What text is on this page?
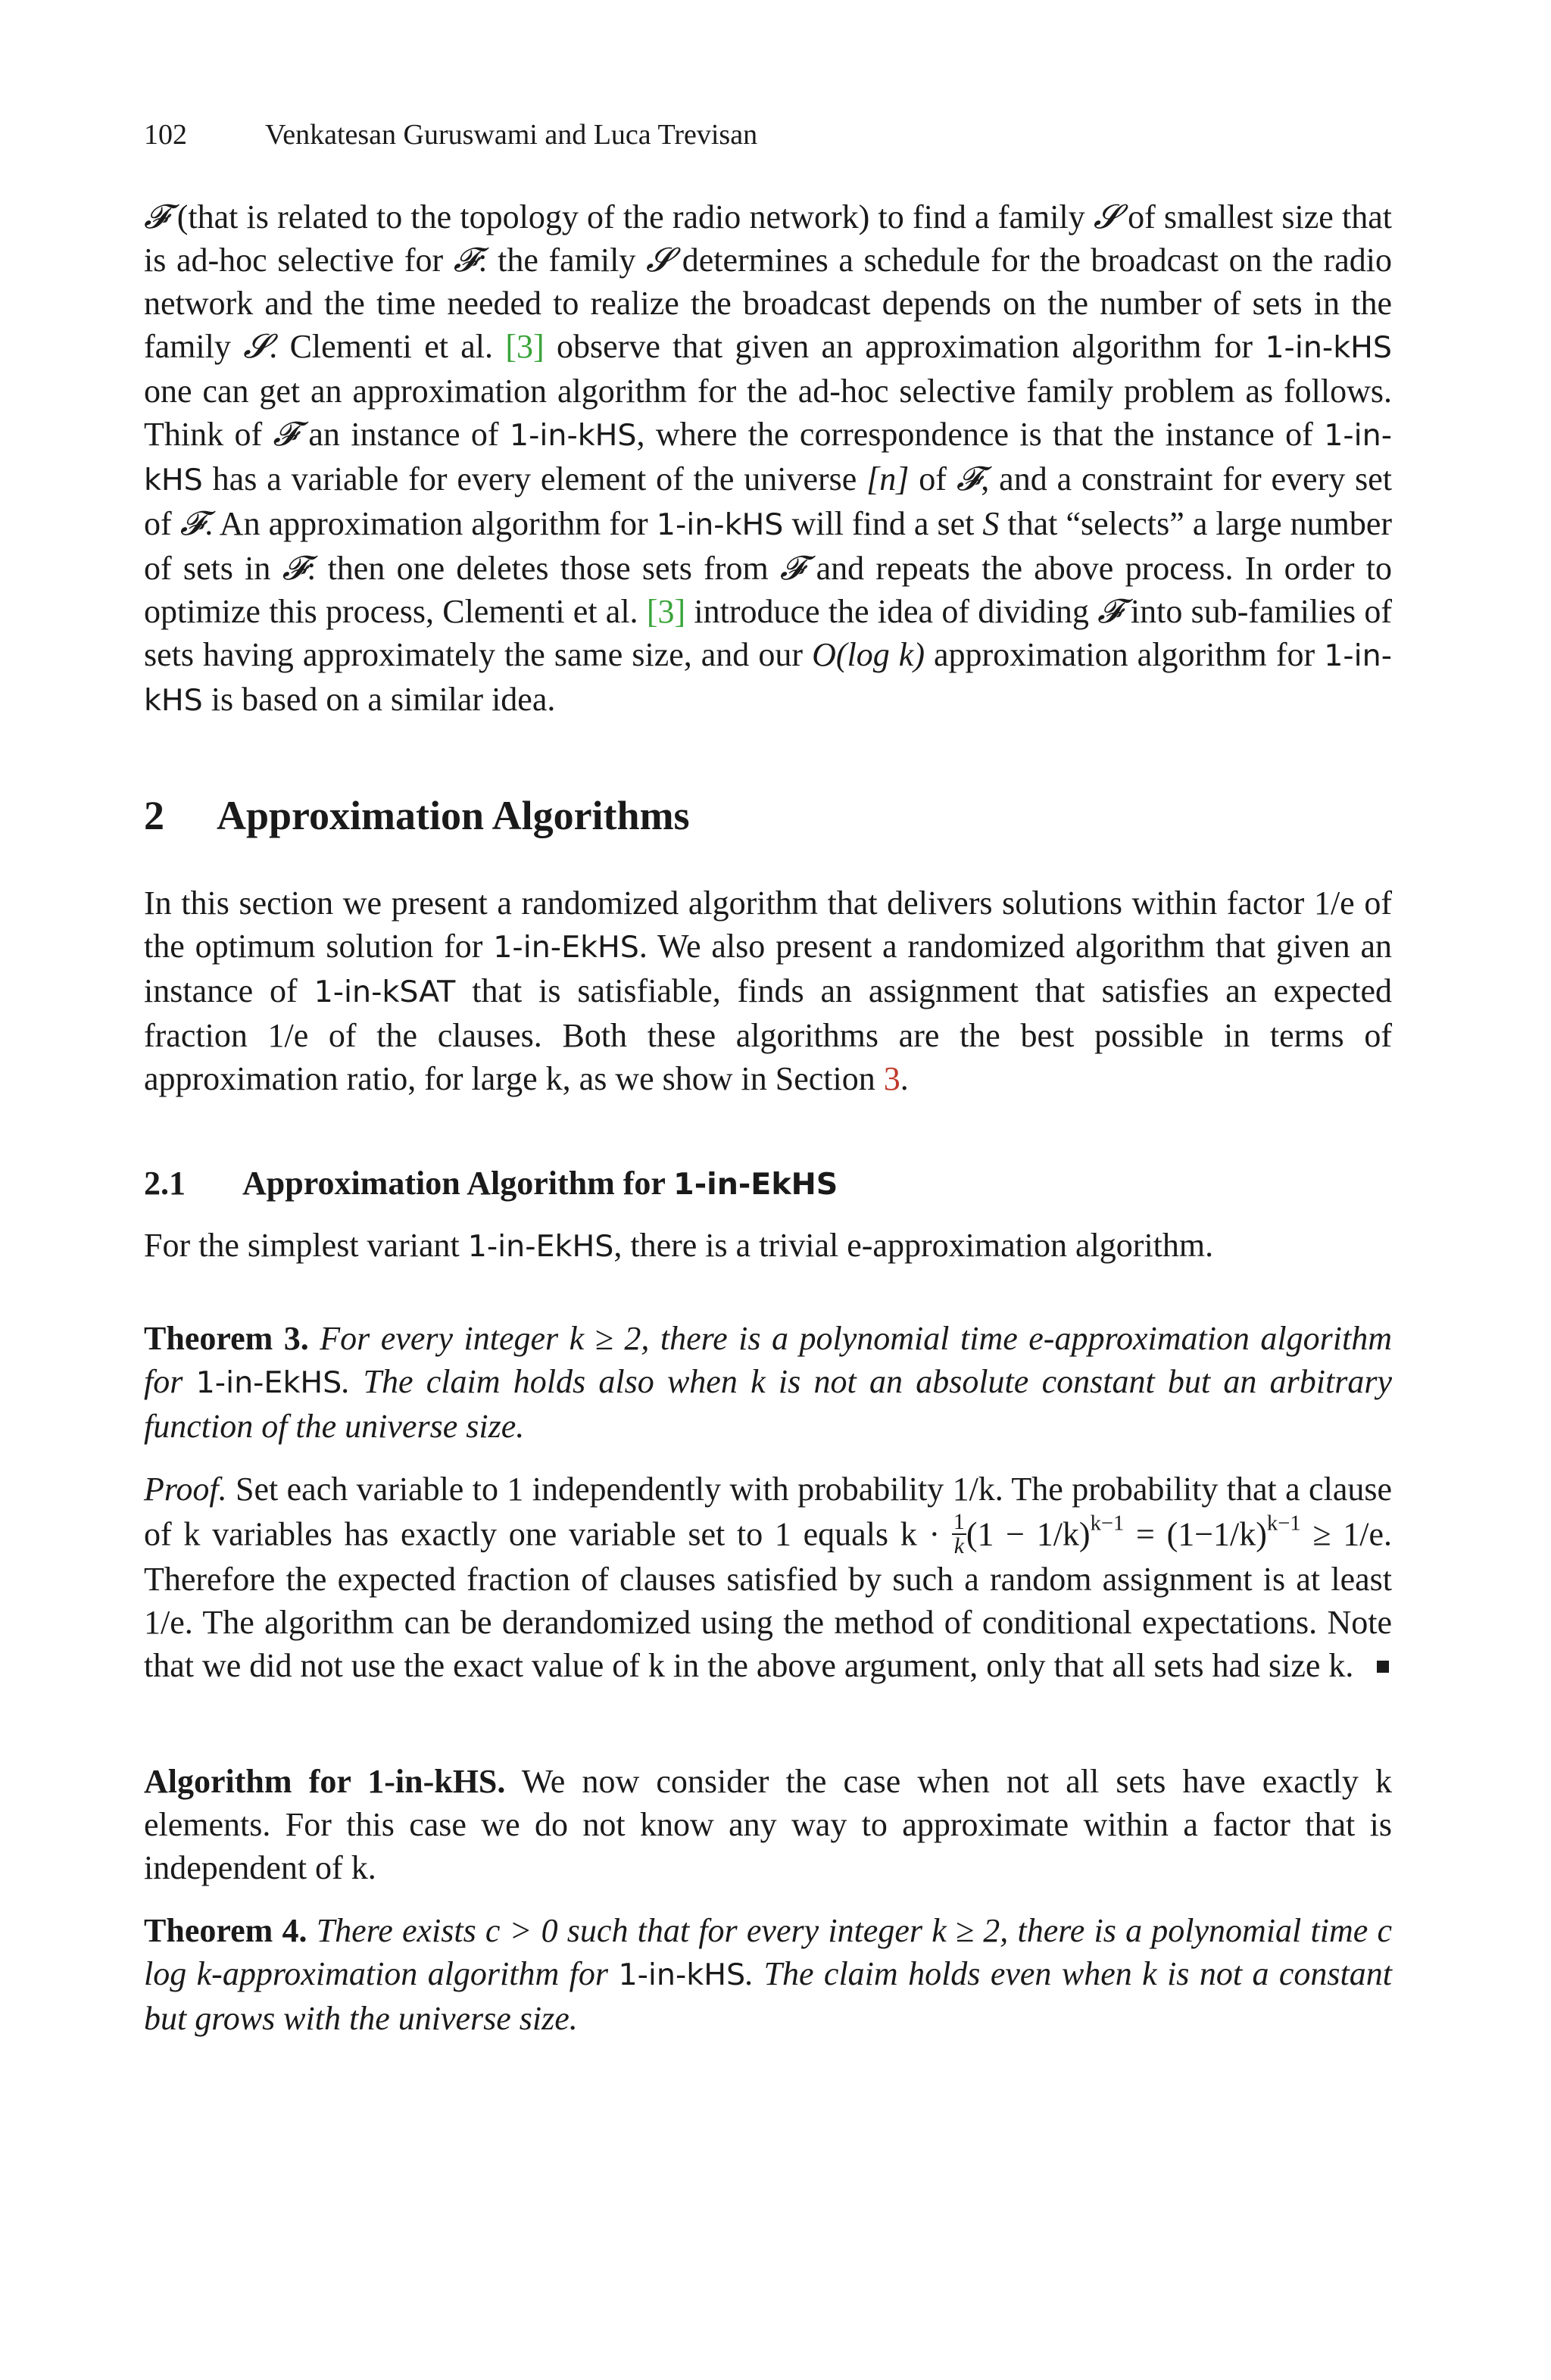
102	Venkatesan Guruswami and Luca Trevisan

𝓕 (that is related to the topology of the radio network) to find a family 𝓢 of smallest size that is ad-hoc selective for 𝓕: the family 𝓢 determines a schedule for the broadcast on the radio network and the time needed to realize the broadcast depends on the number of sets in the family 𝓢. Clementi et al. [3] observe that given an approximation algorithm for 1-in-kHS one can get an approximation algorithm for the ad-hoc selective family problem as follows. Think of 𝓕 an instance of 1-in-kHS, where the correspondence is that the instance of 1-in-kHS has a variable for every element of the universe [n] of 𝓕, and a constraint for every set of 𝓕. An approximation algorithm for 1-in-kHS will find a set S that “selects” a large number of sets in 𝓕: then one deletes those sets from 𝓕 and repeats the above process. In order to optimize this process, Clementi et al. [3] introduce the idea of dividing 𝓕 into sub-families of sets having approximately the same size, and our O(log k) approximation algorithm for 1-in-kHS is based on a similar idea.

2 Approximation Algorithms

In this section we present a randomized algorithm that delivers solutions within factor 1/e of the optimum solution for 1-in-EkHS. We also present a randomized algorithm that given an instance of 1-in-kSAT that is satisfiable, finds an assignment that satisfies an expected fraction 1/e of the clauses. Both these algorithms are the best possible in terms of approximation ratio, for large k, as we show in Section 3.

2.1 Approximation Algorithm for 1-in-EkHS

For the simplest variant 1-in-EkHS, there is a trivial e-approximation algorithm.

Theorem 3. For every integer k ≥ 2, there is a polynomial time e-approximation algorithm for 1-in-EkHS. The claim holds also when k is not an absolute constant but an arbitrary function of the universe size.

Proof. Set each variable to 1 independently with probability 1/k. The probability that a clause of k variables has exactly one variable set to 1 equals $k \cdot \frac{1}{k} (1 - 1/k)^{k-1} = (1-1/k)^{k-1} \ge 1/e$. Therefore the expected fraction of clauses satisfied by such a random assignment is at least 1/e. The algorithm can be derandomized using the method of conditional expectations. Note that we did not use the exact value of k in the above argument, only that all sets had size k.

Algorithm for 1-in-kHS. We now consider the case when not all sets have exactly k elements. For this case we do not know any way to approximate within a factor that is independent of k.

Theorem 4. There exists c > 0 such that for every integer k ≥ 2, there is a polynomial time c log k-approximation algorithm for 1-in-kHS. The claim holds even when k is not a constant but grows with the universe size.
